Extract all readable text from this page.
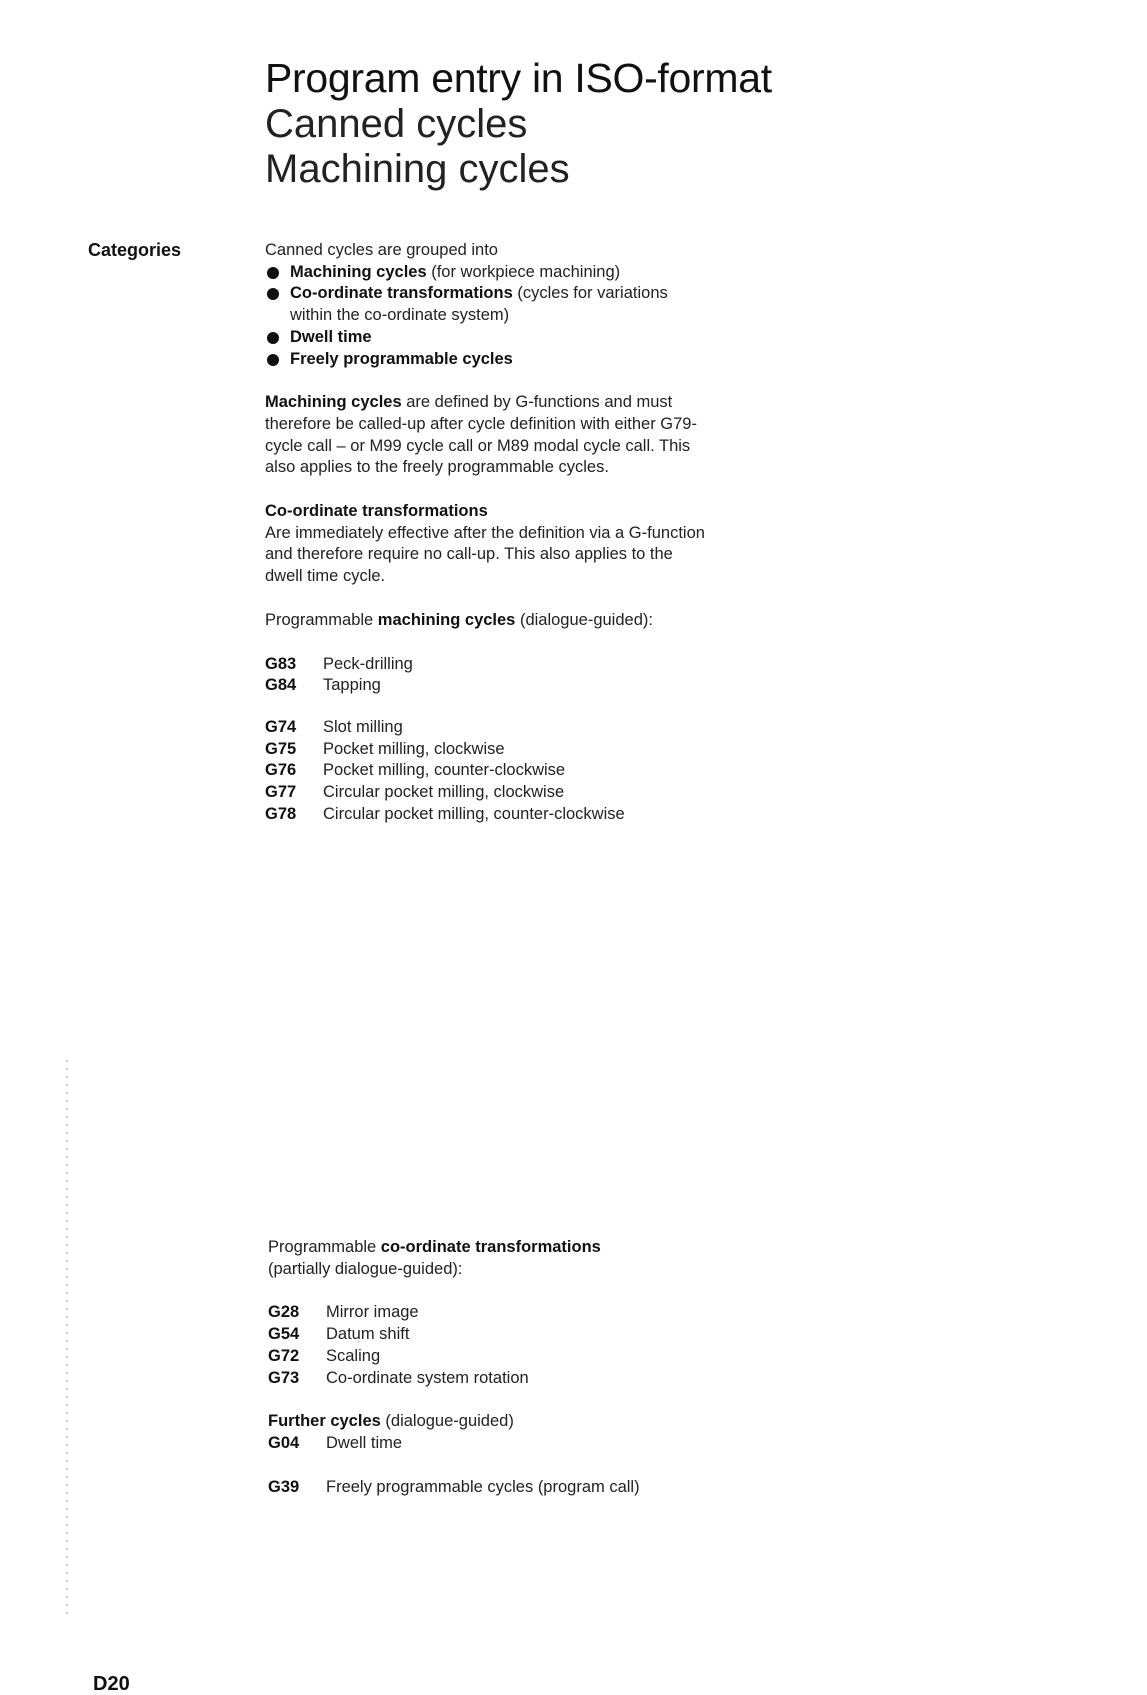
Program entry in ISO-format
Canned cycles
Machining cycles
Categories	Canned cycles are grouped into

Machining cycles (for workpiece machining)
Co-ordinate transformations (cycles for variations within the co-ordinate system)
Dwell time
Freely programmable cycles

Machining cycles are defined by G-functions and must therefore be called-up after cycle definition with either G79-cycle call – or M99 cycle call or M89 modal cycle call. This also applies to the freely programmable cycles.

Co-ordinate transformations

Are immediately effective after the definition via a G-function and therefore require no call-up. This also applies to the dwell time cycle.

Programmable machining cycles (dialogue-guided):

G83	Peck-drilling
G84	Tapping
G74	Slot milling
G75	Pocket milling, clockwise
G76	Pocket milling, counter-clockwise
G77	Circular pocket milling, clockwise
G78	Circular pocket milling, counter-clockwise

Programmable co-ordinate transformations
(partially dialogue-guided):

G28	Mirror image
G54	Datum shift
G72	Scaling
G73	Co-ordinate system rotation

Further cycles (dialogue-guided)

G04	Dwell time
G39	Freely programmable cycles (program call)
D20
